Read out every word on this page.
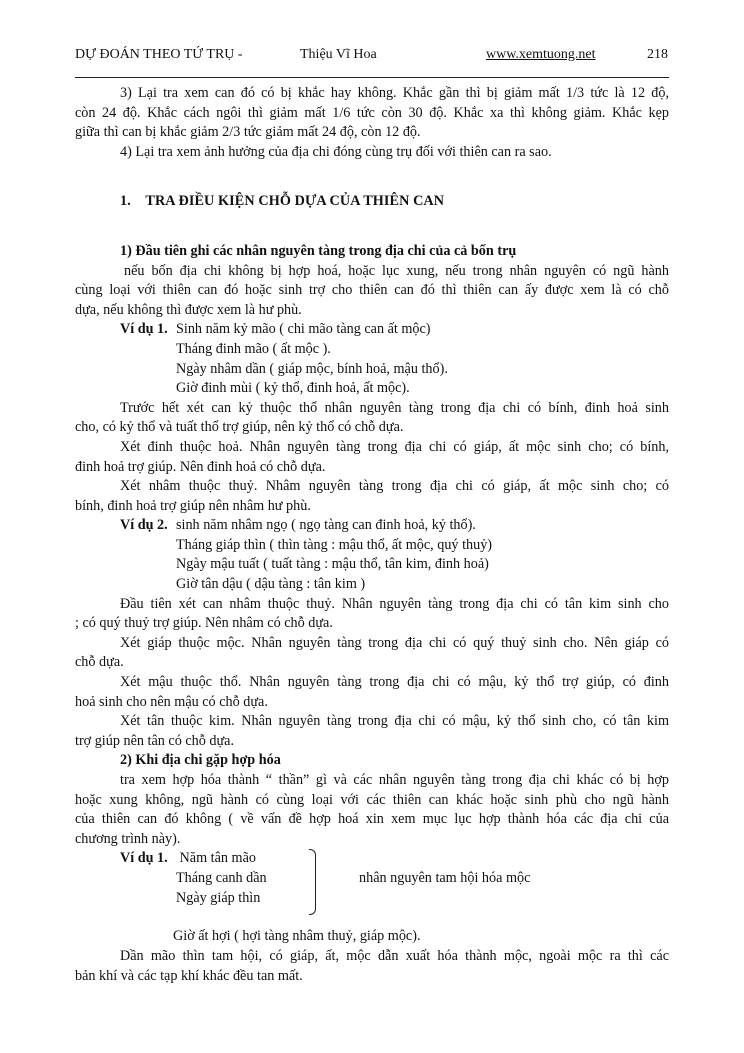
DỰ ĐOÁN THEO TỨ TRỤ -	Thiệu Vĩ Hoa	www.xemtuong.net	218

3) Lại tra xem can đó có bị khắc hay không. Khắc gần thì bị giảm mất 1/3 tức là 12 độ,

còn 24 độ. Khắc cách ngôi thì giảm mất 1/6 tức còn 30 độ. Khắc xa thì không giảm. Khắc kẹp

giữa thì can bị khắc giảm 2/3 tức giảm mất 24 độ, còn 12 độ.

4) Lại tra xem ảnh hưởng của địa chi đóng cùng trụ đối với thiên can ra sao.

1. TRA ĐIỀU KIỆN CHỖ DỰA CỦA THIÊN CAN

1) Đầu tiên ghi các nhân nguyên tàng trong địa chi của cả bốn trụ

nếu bốn địa chi không bị hợp hoá, hoặc lục xung, nếu trong nhân nguyên có ngũ hành

cùng loại với thiên can đó hoặc sinh trợ cho thiên can đó thì thiên can ấy được xem là có chỗ

dựa, nếu không thì được xem là hư phù.

Ví dụ 1. Sinh năm kỷ mão ( chi mão tàng can ất mộc)

Tháng đinh mão ( ất mộc ).

Ngày nhâm dần ( giáp mộc, bính hoả, mậu thổ).

Giờ đinh mùi ( kỷ thổ, đinh hoả, ất mộc).

Trước hết xét can kỷ thuộc thổ nhân nguyên tàng trong địa chi có bính, đinh hoả sinh

cho, có kỷ thổ và tuất thổ trợ giúp, nên kỷ thổ có chỗ dựa.

Xét đinh thuộc hoả. Nhân nguyên tàng trong địa chi có giáp, ất mộc sinh cho; có bính,

đinh hoả trợ giúp. Nên đinh hoả có chỗ dựa.

Xét nhâm thuộc thuỷ. Nhâm nguyên tàng trong địa chi có giáp, ất mộc sinh cho; có

bính, đinh hoả trợ giúp nên nhâm hư phù.

Ví dụ 2. sinh năm nhâm ngọ ( ngọ tàng can đinh hoả, kỷ thổ).

Tháng giáp thìn ( thìn tàng : mậu thổ, ất mộc, quý thuỷ)

Ngày mậu tuất ( tuất tàng : mậu thổ, tân kim, đinh hoả)

Giờ tân dậu ( dậu tàng : tân kim )

Đầu tiên xét can nhâm thuộc thuỷ. Nhân nguyên tàng trong địa chi có tân kim sinh cho

; có quý thuỷ trợ giúp. Nên nhâm có chỗ dựa.

Xét giáp thuộc mộc. Nhân nguyên tàng trong địa chi có quý thuỷ sinh cho. Nên giáp có

chỗ dựa.

Xét mậu thuộc thổ. Nhân nguyên tàng trong địa chi có mậu, kỷ thổ trợ giúp, có đinh

hoả sinh cho nên mậu có chỗ dựa.

Xét tân thuộc kim. Nhân nguyên tàng trong địa chi có mậu, kỷ thổ sinh cho, có tân kim

trợ giúp nên tân có chỗ dựa.

2) Khi địa chi gặp hợp hóa

tra xem hợp hóa thành “ thần” gì và các nhân nguyên tàng trong địa chi khác có bị hợp

hoặc xung không, ngũ hành có cùng loại với các thiên can khác hoặc sinh phù cho ngũ hành

của thiên can đó không ( về vấn đề hợp hoá xin xem mục lục hợp thành hóa các địa chi của

chương trình này).

Ví dụ 1. Năm tân mão
Tháng canh dần
Ngày giáp thìn
nhân nguyên tam hội hóa mộc

Giờ ất hợi ( hợi tàng nhâm thuỷ, giáp mộc).

Dần mão thìn tam hội, có giáp, ất, mộc dẫn xuất hóa thành mộc, ngoài mộc ra thì các

bản khí và các tạp khí khác đều tan mất.
